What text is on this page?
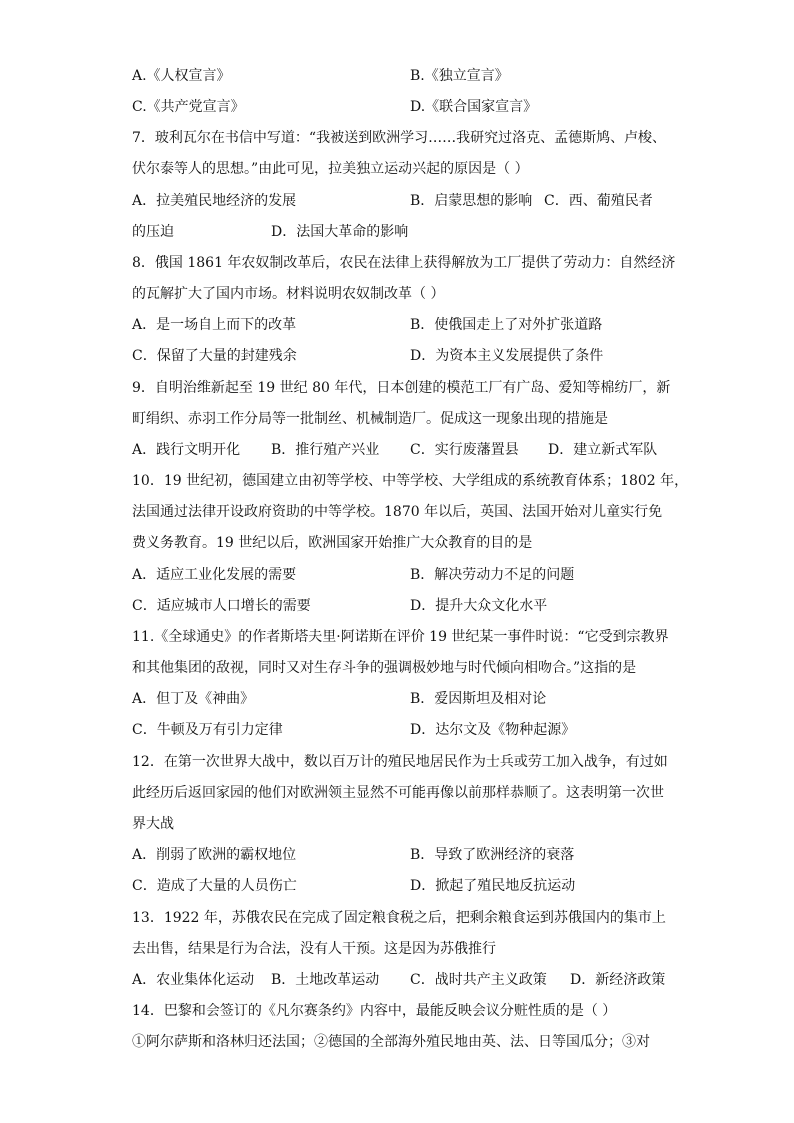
A.《人权宣言》	B.《独立宣言》
C.《共产党宣言》	D.《联合国家宣言》
7．玻利瓦尔在书信中写道：“我被送到欧洲学习……我研究过洛克、孟德斯鸠、卢梭、
伏尔泰等人的思想。”由此可见，拉美独立运动兴起的原因是（ ）
A．拉美殖民地经济的发展	B．启蒙思想的影响 C．西、葡殖民者
的压迫	D．法国大革命的影响
8．俄国 1861 年农奴制改革后，农民在法律上获得解放为工厂提供了劳动力：自然经济
的瓦解扩大了国内市场。材料说明农奴制改革（ ）
A．是一场自上而下的改革	B．使俄国走上了对外扩张道路
C．保留了大量的封建残余	D．为资本主义发展提供了条件
9．自明治维新起至 19 世纪 80 年代，日本创建的模范工厂有广岛、爱知等棉纺厂，新
町绢织、赤羽工作分局等一批制丝、机械制造厂。促成这一现象出现的措施是
A．践行文明开化 B．推行殖产兴业 C．实行废藩置县 D．建立新式军队
10．19 世纪初，德国建立由初等学校、中等学校、大学组成的系统教育体系；1802 年，
法国通过法律开设政府资助的中等学校。1870 年以后，英国、法国开始对儿童实行免
费义务教育。19 世纪以后，欧洲国家开始推广大众教育的目的是
A．适应工业化发展的需要	B．解决劳动力不足的问题
C．适应城市人口增长的需要	D．提升大众文化水平
11.《全球通史》的作者斯塔夫里·阿诺斯在评价 19 世纪某一事件时说：“它受到宗教界
和其他集团的敌视，同时又对生存斗争的强调极妙地与时代倾向相吻合。”这指的是
A．但丁及《神曲》	B．爱因斯坦及相对论
C．牛顿及万有引力定律	D．达尔文及《物种起源》
12．在第一次世界大战中，数以百万计的殖民地居民作为士兵或劳工加入战争，有过如
此经历后返回家园的他们对欧洲领主显然不可能再像以前那样恭顺了。这表明第一次世
界大战
A．削弱了欧洲的霸权地位	B．导致了欧洲经济的衰落
C．造成了大量的人员伤亡	D．掀起了殖民地反抗运动
13．1922 年，苏俄农民在完成了固定粮食税之后，把剩余粮食运到苏俄国内的集市上
去出售，结果是行为合法，没有人干预。这是因为苏俄推行
A．农业集体化运动 B．土地改革运动 C．战时共产主义政策 D．新经济政策
14．巴黎和会签订的《凡尔赛条约》内容中，最能反映会议分赃性质的是（ ）
①阿尔萨斯和洛林归还法国；②德国的全部海外殖民地由英、法、日等国瓜分；③对
